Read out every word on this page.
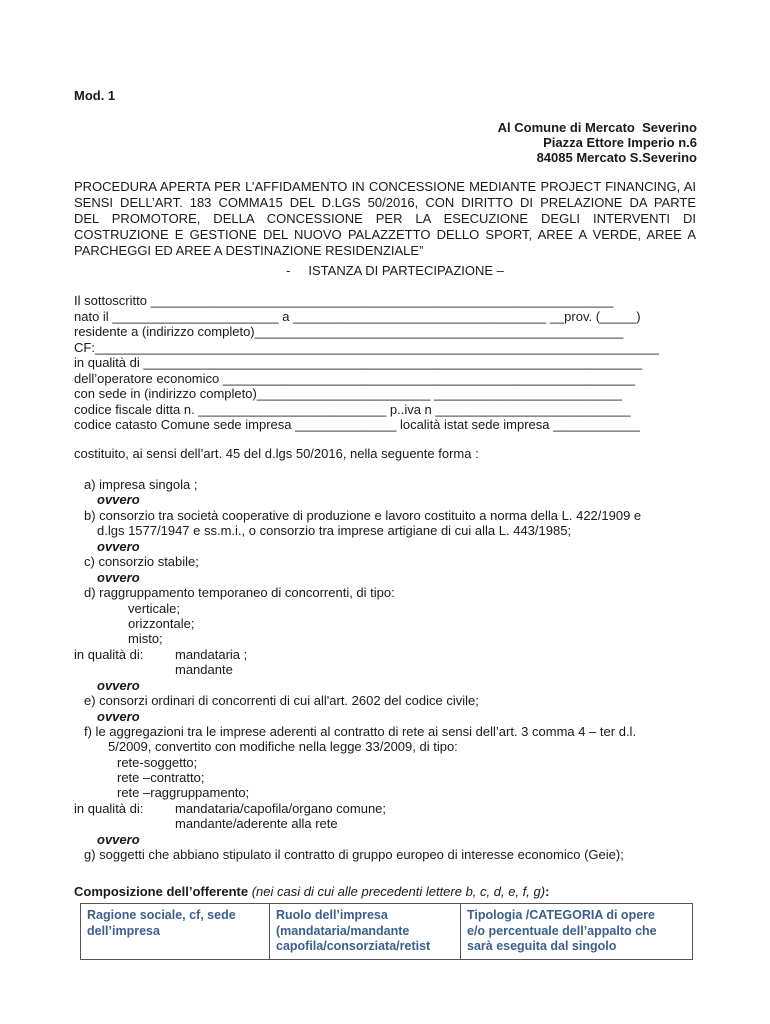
Mod. 1
Al Comune di Mercato  Severino
Piazza Ettore Imperio n.6
84085 Mercato S.Severino
PROCEDURA APERTA PER L’AFFIDAMENTO IN CONCESSIONE MEDIANTE PROJECT FINANCING, AI
SENSI DELL’ART. 183 COMMA15 DEL D.LGS 50/2016, CON DIRITTO DI PRELAZIONE DA PARTE
DEL PROMOTORE, DELLA CONCESSIONE PER LA ESECUZIONE DEGLI INTERVENTI DI
COSTRUZIONE E GESTIONE DEL NUOVO PALAZZETTO DELLO SPORT, AREE A VERDE, AREE A
PARCHEGGI ED AREE A DESTINAZIONE RESIDENZIALE”
-     ISTANZA DI PARTECIPAZIONE –
Il sottoscritto ________________________________________________________________
nato il _______________________ a ___________________________________ __prov. (_____)
residente a (indirizzo completo)___________________________________________________
CF:______________________________________________________________________________
in qualità di _____________________________________________________________________
dell’operatore economico _________________________________________________________
con sede in (indirizzo completo)________________________ __________________________
codice fiscale ditta n. __________________________ p..iva n ___________________________
codice catasto Comune sede impresa ______________ località istat sede impresa ____________
costituito, ai sensi dell’art. 45 del d.lgs 50/2016, nella seguente forma :
a) impresa singola ;
ovvero
b) consorzio tra società cooperative di produzione e lavoro costituito a norma della L. 422/1909 e
d.lgs 1577/1947 e ss.m.i., o consorzio tra imprese artigiane di cui alla L. 443/1985;
ovvero
c) consorzio stabile;
ovvero
d) raggruppamento temporaneo di concorrenti, di tipo:
verticale;
orizzontale;
misto;
in qualità di: mandataria ;
mandante
ovvero
e) consorzi ordinari di concorrenti di cui all'art. 2602 del codice civile;
ovvero
f) le aggregazioni tra le imprese aderenti al contratto di rete ai sensi dell’art. 3 comma 4 – ter d.l.
5/2009, convertito con modifiche nella legge 33/2009, di tipo:
rete-soggetto;
rete –contratto;
rete –raggruppamento;
in qualità di: mandataria/capofila/organo comune;
mandante/aderente alla rete
ovvero
g) soggetti che abbiano stipulato il contratto di gruppo europeo di interesse economico (Geie);
Composizione dell’offerente (nei casi di cui alle precedenti lettere b, c, d, e, f, g):
Ragione sociale, cf, sede
dell’impresa

Ruolo dell’impresa
(mandataria/mandante
capofila/consorziata/retist

Tipologia /CATEGORIA di opere
e/o percentuale dell’appalto che
sarà eseguita dal singolo
